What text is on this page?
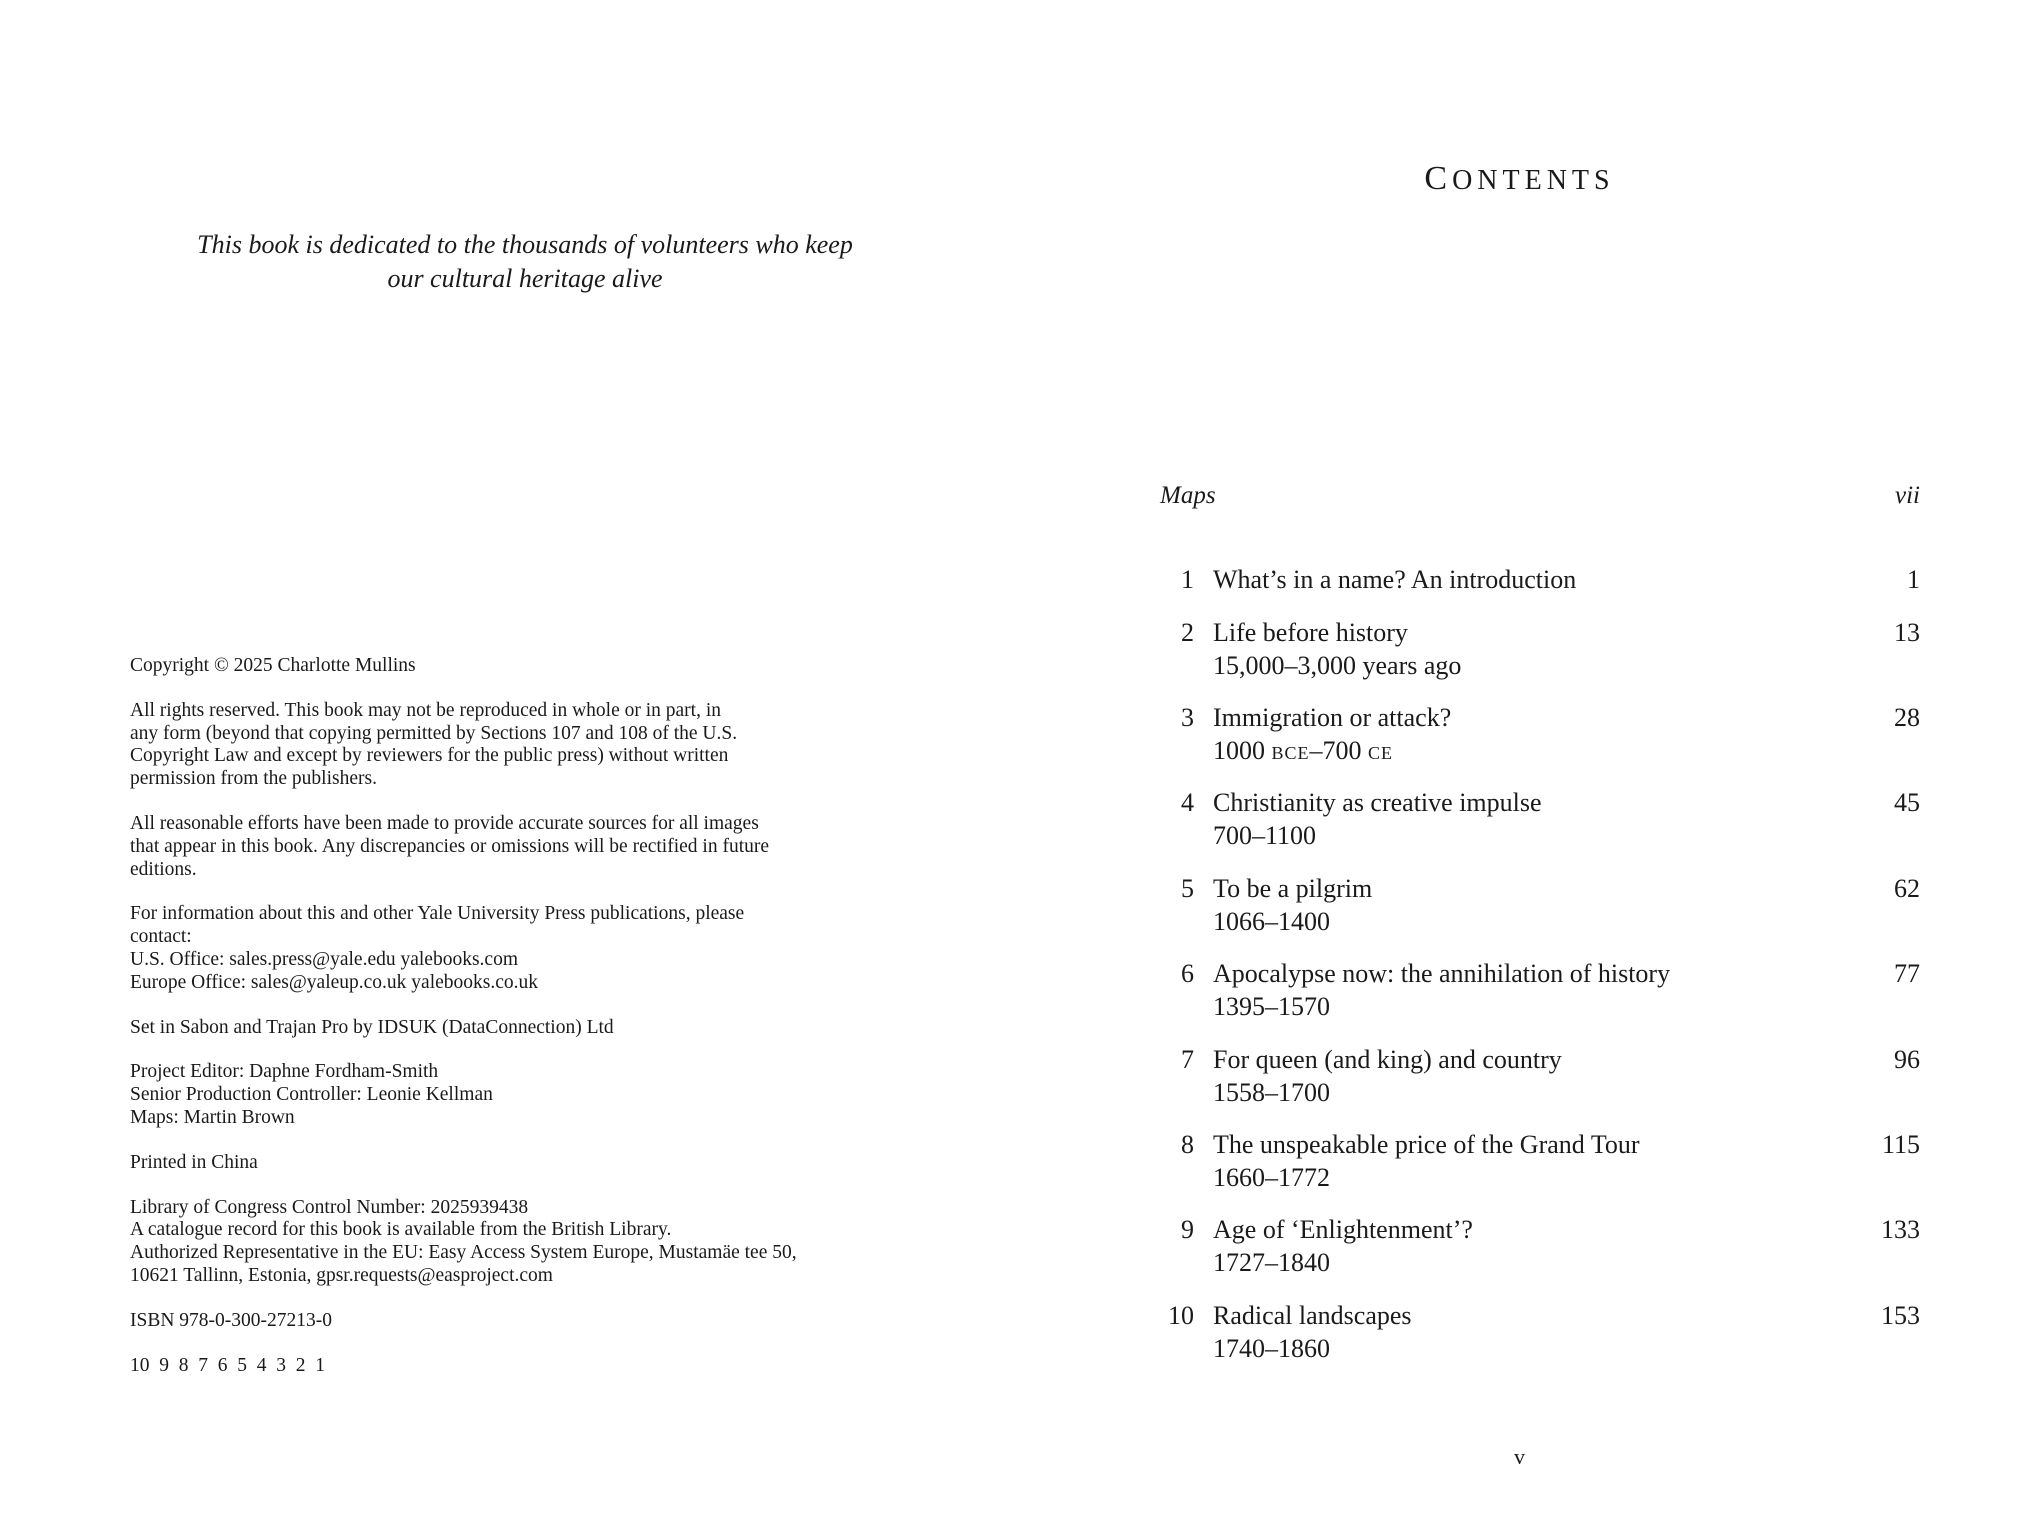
This book is dedicated to the thousands of volunteers who keep
our cultural heritage alive
Copyright © 2025 Charlotte Mullins
All rights reserved. This book may not be reproduced in whole or in part, in
any form (beyond that copying permitted by Sections 107 and 108 of the U.S.
Copyright Law and except by reviewers for the public press) without written
permission from the publishers.
All reasonable efforts have been made to provide accurate sources for all images
that appear in this book. Any discrepancies or omissions will be rectified in future
editions.
For information about this and other Yale University Press publications, please
contact:
U.S. Office: sales.press@yale.edu yalebooks.com
Europe Office: sales@yaleup.co.uk yalebooks.co.uk
Set in Sabon and Trajan Pro by IDSUK (DataConnection) Ltd
Project Editor: Daphne Fordham-Smith
Senior Production Controller: Leonie Kellman
Maps: Martin Brown
Printed in China
Library of Congress Control Number: 2025939438
A catalogue record for this book is available from the British Library.
Authorized Representative in the EU: Easy Access System Europe, Mustamäe tee 50,
10621 Tallinn, Estonia, gpsr.requests@easproject.com
ISBN 978-0-300-27213-0
10  9  8  7  6  5  4  3  2  1
CONTENTS
Maps	vii
1 What’s in a name? An introduction	1
2 Life before history
15,000–3,000 years ago
13
3 Immigration or attack?
1000 BCE–700 CE
28
4 Christianity as creative impulse
700–1100
45
5 To be a pilgrim
1066–1400
62
6 Apocalypse now: the annihilation of history
1395–1570
77
7 For queen (and king) and country
1558–1700
96
8 The unspeakable price of the Grand Tour
1660–1772
115
9 Age of ‘Enlightenment’?
1727–1840
133
10 Radical landscapes
1740–1860
153
v
